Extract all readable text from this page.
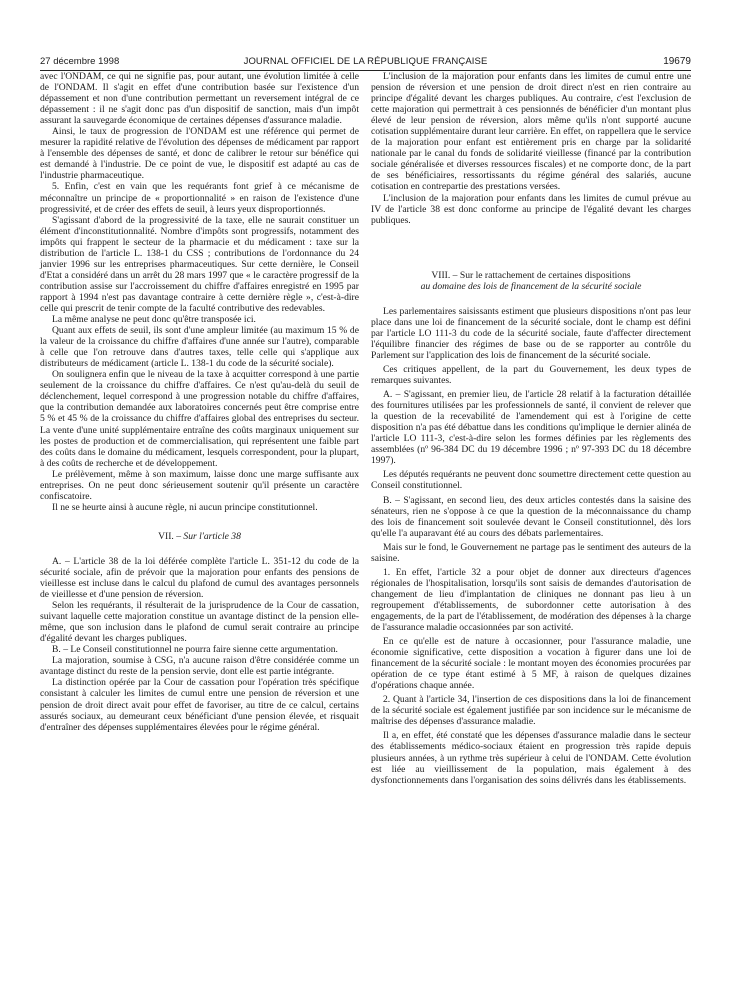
27 décembre 1998	JOURNAL OFFICIEL DE LA RÉPUBLIQUE FRANÇAISE	19679

avec l'ONDAM, ce qui ne signifie pas, pour autant, une évolution limitée à celle de l'ONDAM. Il s'agit en effet d'une contribution basée sur l'existence d'un dépassement et non d'une contribution permettant un reversement intégral de ce dépassement : il ne s'agit donc pas d'un dispositif de sanction, mais d'un impôt assurant la sauvegarde économique de certaines dépenses d'assurance maladie.

Ainsi, le taux de progression de l'ONDAM est une référence qui permet de mesurer la rapidité relative de l'évolution des dépenses de médicament par rapport à l'ensemble des dépenses de santé, et donc de calibrer le retour sur bénéfice qui est demandé à l'industrie. De ce point de vue, le dispositif est adapté au cas de l'industrie pharmaceutique.

5. Enfin, c'est en vain que les requérants font grief à ce mécanisme de méconnaître un principe de « proportionnalité » en raison de l'existence d'une progressivité, et de créer des effets de seuil, à leurs yeux disproportionnés.

S'agissant d'abord de la progressivité de la taxe, elle ne saurait constituer un élément d'inconstitutionnalité. Nombre d'impôts sont progressifs, notamment des impôts qui frappent le secteur de la pharmacie et du médicament : taxe sur la distribution de l'article L. 138-1 du CSS ; contributions de l'ordonnance du 24 janvier 1996 sur les entreprises pharmaceutiques. Sur cette dernière, le Conseil d'Etat a considéré dans un arrêt du 28 mars 1997 que « le caractère progressif de la contribution assise sur l'accroissement du chiffre d'affaires enregistré en 1995 par rapport à 1994 n'est pas davantage contraire à cette dernière règle », c'est-à-dire celle qui prescrit de tenir compte de la faculté contributive des redevables.

La même analyse ne peut donc qu'être transposée ici.

Quant aux effets de seuil, ils sont d'une ampleur limitée (au maximum 15 % de la valeur de la croissance du chiffre d'affaires d'une année sur l'autre), comparable à celle que l'on retrouve dans d'autres taxes, telle celle qui s'applique aux distributeurs de médicament (article L. 138-1 du code de la sécurité sociale).

On soulignera enfin que le niveau de la taxe à acquitter correspond à une partie seulement de la croissance du chiffre d'affaires. Ce n'est qu'au-delà du seuil de déclenchement, lequel correspond à une progression notable du chiffre d'affaires, que la contribution demandée aux laboratoires concernés peut être comprise entre 5 % et 45 % de la croissance du chiffre d'affaires global des entreprises du secteur. La vente d'une unité supplémentaire entraîne des coûts marginaux uniquement sur les postes de production et de commercialisation, qui représentent une faible part des coûts dans le domaine du médicament, lesquels correspondent, pour la plupart, à des coûts de recherche et de développement.

Le prélèvement, même à son maximum, laisse donc une marge suffisante aux entreprises. On ne peut donc sérieusement soutenir qu'il présente un caractère confiscatoire.

Il ne se heurte ainsi à aucune règle, ni aucun principe constitutionnel.

VII. – Sur l'article 38

A. – L'article 38 de la loi déférée complète l'article L. 351-12 du code de la sécurité sociale, afin de prévoir que la majoration pour enfants des pensions de vieillesse est incluse dans le calcul du plafond de cumul des avantages personnels de vieillesse et d'une pension de réversion.

Selon les requérants, il résulterait de la jurisprudence de la Cour de cassation, suivant laquelle cette majoration constitue un avantage distinct de la pension elle-même, que son inclusion dans le plafond de cumul serait contraire au principe d'égalité devant les charges publiques.

B. – Le Conseil constitutionnel ne pourra faire sienne cette argumentation.

La majoration, soumise à CSG, n'a aucune raison d'être considérée comme un avantage distinct du reste de la pension servie, dont elle est partie intégrante.

La distinction opérée par la Cour de cassation pour l'opération très spécifique consistant à calculer les limites de cumul entre une pension de réversion et une pension de droit direct avait pour effet de favoriser, au titre de ce calcul, certains assurés sociaux, au demeurant ceux bénéficiant d'une pension élevée, et risquait d'entraîner des dépenses supplémentaires élevées pour le régime général.

L'inclusion de la majoration pour enfants dans les limites de cumul entre une pension de réversion et une pension de droit direct n'est en rien contraire au principe d'égalité devant les charges publiques. Au contraire, c'est l'exclusion de cette majoration qui permettrait à ces pensionnés de bénéficier d'un montant plus élevé de leur pension de réversion, alors même qu'ils n'ont supporté aucune cotisation supplémentaire durant leur carrière. En effet, on rappellera que le service de la majoration pour enfant est entièrement pris en charge par la solidarité nationale par le canal du fonds de solidarité vieillesse (financé par la contribution sociale généralisée et diverses ressources fiscales) et ne comporte donc, de la part de ses bénéficiaires, ressortissants du régime général des salariés, aucune cotisation en contrepartie des prestations versées.

L'inclusion de la majoration pour enfants dans les limites de cumul prévue au IV de l'article 38 est donc conforme au principe de l'égalité devant les charges publiques.

VIII. – Sur le rattachement de certaines dispositions
au domaine des lois de financement de la sécurité sociale

Les parlementaires saisissants estiment que plusieurs dispositions n'ont pas leur place dans une loi de financement de la sécurité sociale, dont le champ est défini par l'article LO 111-3 du code de la sécurité sociale, faute d'affecter directement l'équilibre financier des régimes de base ou de se rapporter au contrôle du Parlement sur l'application des lois de financement de la sécurité sociale.

Ces critiques appellent, de la part du Gouvernement, les deux types de remarques suivantes.

A. – S'agissant, en premier lieu, de l'article 28 relatif à la facturation détaillée des fournitures utilisées par les professionnels de santé, il convient de relever que la question de la recevabilité de l'amendement qui est à l'origine de cette disposition n'a pas été débattue dans les conditions qu'implique le dernier alinéa de l'article LO 111-3, c'est-à-dire selon les formes définies par les règlements des assemblées (nº 96-384 DC du 19 décembre 1996 ; nº 97-393 DC du 18 décembre 1997).

Les députés requérants ne peuvent donc soumettre directement cette question au Conseil constitutionnel.

B. – S'agissant, en second lieu, des deux articles contestés dans la saisine des sénateurs, rien ne s'oppose à ce que la question de la méconnaissance du champ des lois de financement soit soulevée devant le Conseil constitutionnel, dès lors qu'elle l'a auparavant été au cours des débats parlementaires.

Mais sur le fond, le Gouvernement ne partage pas le sentiment des auteurs de la saisine.

1. En effet, l'article 32 a pour objet de donner aux directeurs d'agences régionales de l'hospitalisation, lorsqu'ils sont saisis de demandes d'autorisation de changement de lieu d'implantation de cliniques ne donnant pas lieu à un regroupement d'établissements, de subordonner cette autorisation à des engagements, de la part de l'établissement, de modération des dépenses à la charge de l'assurance maladie occasionnées par son activité.

En ce qu'elle est de nature à occasionner, pour l'assurance maladie, une économie significative, cette disposition a vocation à figurer dans une loi de financement de la sécurité sociale : le montant moyen des économies procurées par opération de ce type étant estimé à 5 MF, à raison de quelques dizaines d'opérations chaque année.

2. Quant à l'article 34, l'insertion de ces dispositions dans la loi de financement de la sécurité sociale est également justifiée par son incidence sur le mécanisme de maîtrise des dépenses d'assurance maladie.

Il a, en effet, été constaté que les dépenses d'assurance maladie dans le secteur des établissements médico-sociaux étaient en progression très rapide depuis plusieurs années, à un rythme très supérieur à celui de l'ONDAM. Cette évolution est liée au vieillissement de la population, mais également à des dysfonctionnements dans l'organisation des soins délivrés dans les établissements.
